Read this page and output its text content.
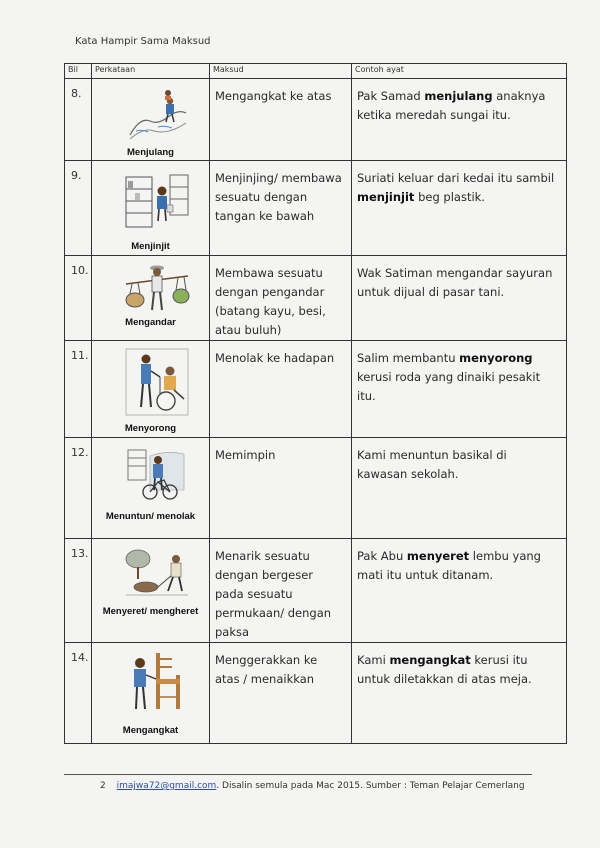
Kata Hampir Sama Maksud
Bil	Perkataan	Maksud	Contoh ayat
8.	Menjulang	Mengangkat ke atas	Pak Samad menjulang anaknya ketika meredah sungai itu.
9.	Menjinjit	Menjinjing/ membawa sesuatu dengan tangan ke bawah	Suriati keluar dari kedai itu sambil menjinjit beg plastik.
10.	Mengandar	Membawa sesuatu dengan pengandar (batang kayu, besi, atau buluh)	Wak Satiman mengandar sayuran untuk dijual di pasar tani.
11.	Menyorong	Menolak ke hadapan	Salim membantu menyorong kerusi roda yang dinaiki pesakit itu.
12.	Menuntun/ menolak	Memimpin	Kami menuntun basikal di kawasan sekolah.
13.	Menyeret/ mengheret	Menarik sesuatu dengan bergeser pada sesuatu permukaan/ dengan paksa	Pak Abu menyeret lembu yang mati itu untuk ditanam.
14.	Mengangkat	Menggerakkan ke atas / menaikkan	Kami mengangkat kerusi itu untuk diletakkan di atas meja.
2 imajwa72@gmail.com. Disalin semula pada Mac 2015. Sumber : Teman Pelajar Cemerlang
